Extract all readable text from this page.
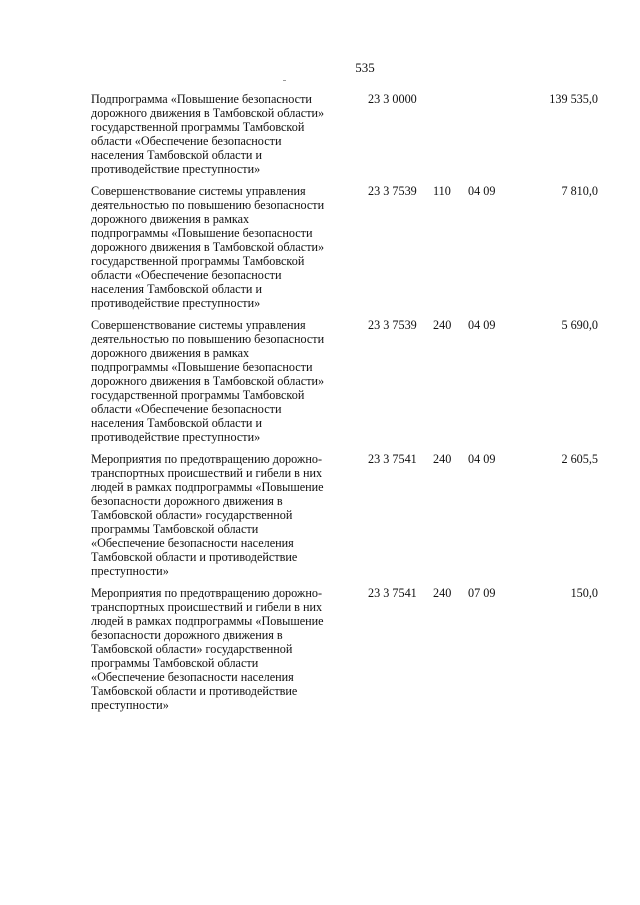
535
Подпрограмма «Повышение безопасности
дорожного движения в Тамбовской области»
государственной программы Тамбовской
области «Обеспечение безопасности
населения Тамбовской области и
противодействие преступности»
23 3 0000	139 535,0
Совершенствование системы управления
деятельностью по повышению безопасности
дорожного движения в рамках
подпрограммы «Повышение безопасности
дорожного движения в Тамбовской области»
государственной программы Тамбовской
области «Обеспечение безопасности
населения Тамбовской области и
противодействие преступности»
23 3 7539 110 04 09	7 810,0
Совершенствование системы управления
деятельностью по повышению безопасности
дорожного движения в рамках
подпрограммы «Повышение безопасности
дорожного движения в Тамбовской области»
государственной программы Тамбовской
области «Обеспечение безопасности
населения Тамбовской области и
противодействие преступности»
23 3 7539 240 04 09	5 690,0
Мероприятия по предотвращению дорожно-
транспортных происшествий и гибели в них
людей в рамках подпрограммы «Повышение
безопасности дорожного движения в
Тамбовской области» государственной
программы Тамбовской области
«Обеспечение безопасности населения
Тамбовской области и противодействие
преступности»
23 3 7541 240 04 09	2 605,5
Мероприятия по предотвращению дорожно-
транспортных происшествий и гибели в них
людей в рамках подпрограммы «Повышение
безопасности дорожного движения в
Тамбовской области» государственной
программы Тамбовской области
«Обеспечение безопасности населения
Тамбовской области и противодействие
преступности»
23 3 7541 240 07 09	150,0
